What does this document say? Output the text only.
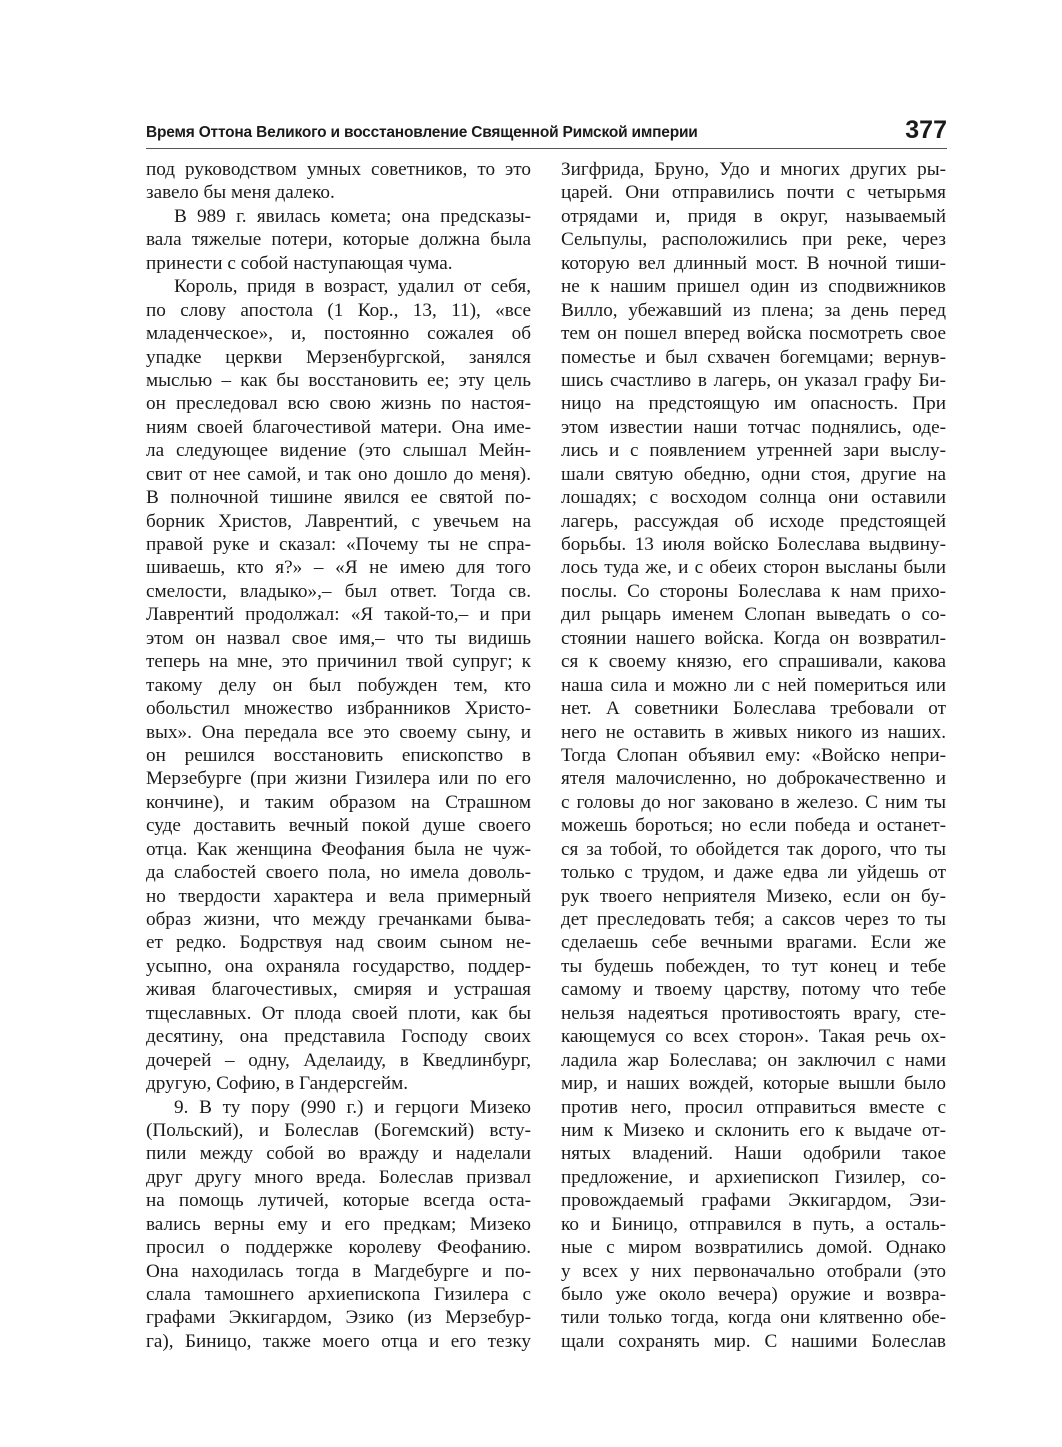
Время Оттона Великого и восстановление Священной Римской империи	377
под руководством умных советников, то это
завело бы меня далеко.
В 989 г. явилась комета; она предсказы-
вала тяжелые потери, которые должна была
принести с собой наступающая чума.
Король, придя в возраст, удалил от себя,
по слову апостола (1 Кор., 13, 11), «все
младенческое», и, постоянно сожалея об
упадке церкви Мерзенбургской, занялся
мыслью – как бы восстановить ее; эту цель
он преследовал всю свою жизнь по настоя-
ниям своей благочестивой матери. Она име-
ла следующее видение (это слышал Мейн-
свит от нее самой, и так оно дошло до меня).
В полночной тишине явился ее святой по-
борник Христов, Лаврентий, с увечьем на
правой руке и сказал: «Почему ты не спра-
шиваешь, кто я?» – «Я не имею для того
смелости, владыко»,– был ответ. Тогда св.
Лаврентий продолжал: «Я такой-то,– и при
этом он назвал свое имя,– что ты видишь
теперь на мне, это причинил твой супруг; к
такому делу он был побужден тем, кто
обольстил множество избранников Христо-
вых». Она передала все это своему сыну, и
он решился восстановить епископство в
Мерзебурге (при жизни Гизилера или по его
кончине), и таким образом на Страшном
суде доставить вечный покой душе своего
отца. Как женщина Феофания была не чуж-
да слабостей своего пола, но имела доволь-
но твердости характера и вела примерный
образ жизни, что между гречанками быва-
ет редко. Бодрствуя над своим сыном не-
усыпно, она охраняла государство, поддер-
живая благочестивых, смиряя и устрашая
тщеславных. От плода своей плоти, как бы
десятину, она представила Господу своих
дочерей – одну, Аделаиду, в Кведлинбург,
другую, Софию, в Гандерсгейм.
9. В ту пору (990 г.) и герцоги Мизеко
(Польский), и Болеслав (Богемский) всту-
пили между собой во вражду и наделали
друг другу много вреда. Болеслав призвал
на помощь лутичей, которые всегда оста-
вались верны ему и его предкам; Мизеко
просил о поддержке королеву Феофанию.
Она находилась тогда в Магдебурге и по-
слала тамошнего архиепископа Гизилера с
графами Эккигардом, Эзико (из Мерзебур-
га), Биницо, также моего отца и его тезку
Зигфрида, Бруно, Удо и многих других ры-
царей. Они отправились почти с четырьмя
отрядами и, придя в округ, называемый
Сельпулы, расположились при реке, через
которую вел длинный мост. В ночной тиши-
не к нашим пришел один из сподвижников
Вилло, убежавший из плена; за день перед
тем он пошел вперед войска посмотреть свое
поместье и был схвачен богемцами; вернув-
шись счастливо в лагерь, он указал графу Би-
ницо на предстоящую им опасность. При
этом известии наши тотчас поднялись, оде-
лись и с появлением утренней зари выслу-
шали святую обедню, одни стоя, другие на
лошадях; с восходом солнца они оставили
лагерь, рассуждая об исходе предстоящей
борьбы. 13 июля войско Болеслава выдвину-
лось туда же, и с обеих сторон высланы были
послы. Со стороны Болеслава к нам прихо-
дил рыцарь именем Слопан выведать о со-
стоянии нашего войска. Когда он возвратил-
ся к своему князю, его спрашивали, какова
наша сила и можно ли с ней помериться или
нет. А советники Болеслава требовали от
него не оставить в живых никого из наших.
Тогда Слопан объявил ему: «Войско непри-
ятеля малочисленно, но доброкачественно и
с головы до ног заковано в железо. С ним ты
можешь бороться; но если победа и останет-
ся за тобой, то обойдется так дорого, что ты
только с трудом, и даже едва ли уйдешь от
рук твоего неприятеля Мизеко, если он бу-
дет преследовать тебя; а саксов через то ты
сделаешь себе вечными врагами. Если же
ты будешь побежден, то тут конец и тебе
самому и твоему царству, потому что тебе
нельзя надеяться противостоять врагу, сте-
кающемуся со всех сторон». Такая речь ох-
ладила жар Болеслава; он заключил с нами
мир, и наших вождей, которые вышли было
против него, просил отправиться вместе с
ним к Мизеко и склонить его к выдаче от-
нятых владений. Наши одобрили такое
предложение, и архиепископ Гизилер, со-
провождаемый графами Эккигардом, Эзи-
ко и Биницо, отправился в путь, а осталь-
ные с миром возвратились домой. Однако
у всех у них первоначально отобрали (это
было уже около вечера) оружие и возвра-
тили только тогда, когда они клятвенно обе-
щали сохранять мир. С нашими Болеслав
